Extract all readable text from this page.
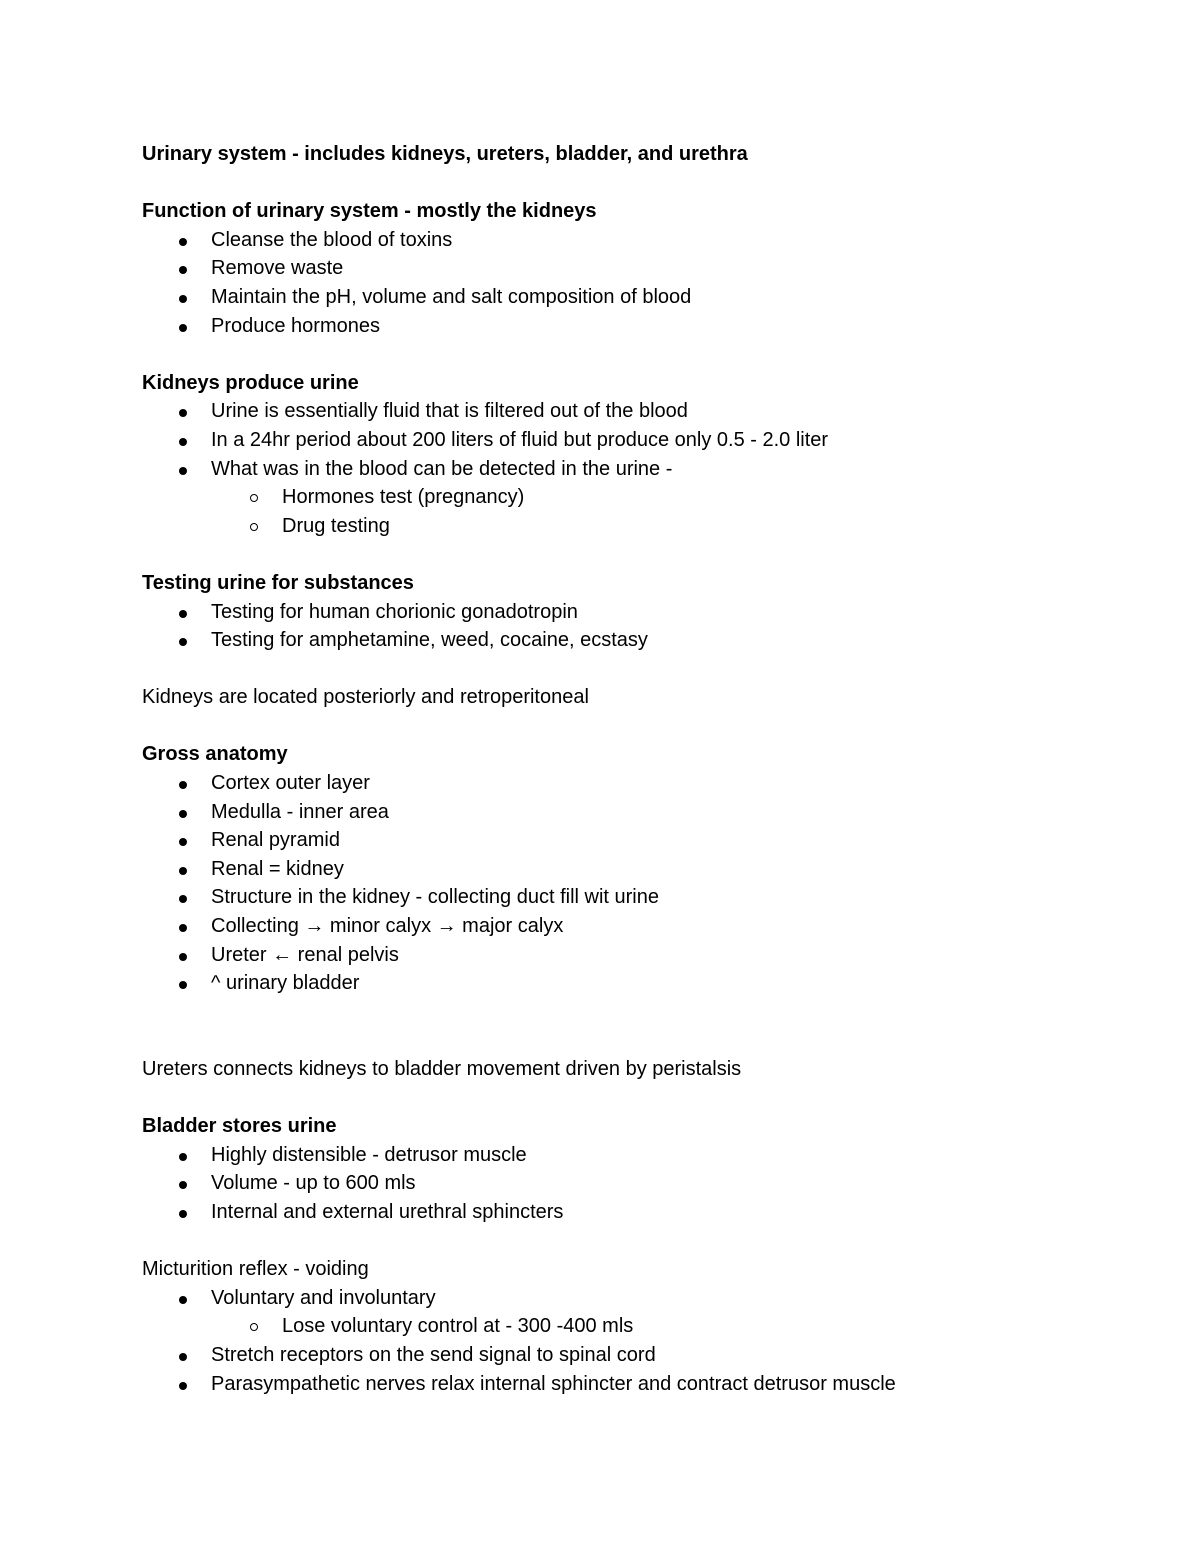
Urinary system - includes kidneys, ureters, bladder, and urethra
Function of urinary system - mostly the kidneys
Cleanse the blood of toxins
Remove waste
Maintain the pH, volume and salt composition of blood
Produce hormones
Kidneys produce urine
Urine is essentially fluid that is filtered out of the blood
In a 24hr period about 200 liters of fluid but produce only 0.5 - 2.0 liter
What was in the blood can be detected in the urine -
Hormones test (pregnancy)
Drug testing
Testing urine for substances
Testing for human chorionic gonadotropin
Testing for amphetamine, weed, cocaine, ecstasy
Kidneys are located posteriorly and retroperitoneal
Gross anatomy
Cortex outer layer
Medulla - inner area
Renal pyramid
Renal = kidney
Structure in the kidney - collecting duct fill wit urine
Collecting → minor calyx → major calyx
Ureter ← renal pelvis
^ urinary bladder
Ureters connects kidneys to bladder movement driven by peristalsis
Bladder stores urine
Highly distensible - detrusor muscle
Volume - up to 600 mls
Internal and external urethral sphincters
Micturition reflex - voiding
Voluntary and involuntary
Lose voluntary control at - 300 -400 mls
Stretch receptors on the send signal to spinal cord
Parasympathetic nerves relax internal sphincter and contract detrusor muscle
